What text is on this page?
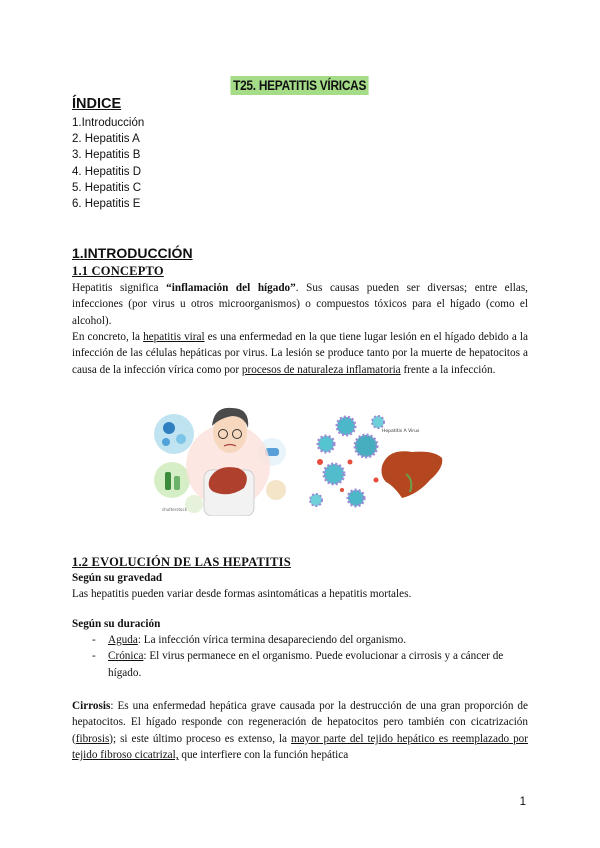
T25. HEPATITIS VÍRICAS
ÍNDICE
1.Introducción
2. Hepatitis A
3. Hepatitis B
4. Hepatitis D
5. Hepatitis C
6. Hepatitis E
1.INTRODUCCIÓN
1.1 CONCEPTO

Hepatitis significa “inflamación del hígado”. Sus causas pueden ser diversas; entre ellas, infecciones (por virus u otros microorganismos) o compuestos tóxicos para el hígado (como el alcohol).

En concreto, la hepatitis viral es una enfermedad en la que tiene lugar lesión en el hígado debido a la infección de las células hepáticas por virus. La lesión se produce tanto por la muerte de hepatocitos a causa de la infección vírica como por procesos de naturaleza inflamatoria frente a la infección.

shutterstock
Hepatitis A Virus
1.2 EVOLUCIÓN DE LAS HEPATITIS
Según su gravedad
Las hepatitis pueden variar desde formas asintomáticas a hepatitis mortales.
Según su duración
- Aguda: La infección vírica termina desapareciendo del organismo.
- Crónica: El virus permanece en el organismo. Puede evolucionar a cirrosis y a cáncer de hígado.

Cirrosis: Es una enfermedad hepática grave causada por la destrucción de una gran proporción de hepatocitos. El hígado responde con regeneración de hepatocitos pero también con cicatrización (fibrosis); si este último proceso es extenso, la mayor parte del tejido hepático es reemplazado por tejido fibroso cicatrizal, que interfiere con la función hepática

1
